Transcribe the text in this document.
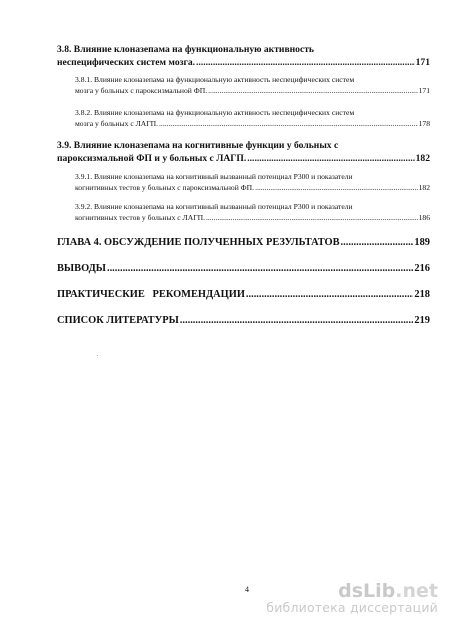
3.8. Влияние клоназепама на функциональную активность
неспецифических систем мозга. .....	171
3.8.1. Влияние клоназепама на функциональную активность неспецифических систем
мозга у больных с пароксизмальной ФП. .....	171
3.8.2. Влияние клоназепама на функциональную активность неспецифических систем
мозга у больных с ЛАГП. .....	178
3.9. Влияние клоназепама на когнитивные функции у больных с
пароксизмальной ФП и у больных с ЛАГП. .....	182
3.9.1. Влияние клоназепама на когнитивный вызванный потенциал Р300 и показатели
когнитивных тестов у больных с пароксизмальной ФП. .....	182
3.9.2. Влияние клоназепама на когнитивный вызванный потенциал Р300 и показатели
когнитивных тестов у больных с ЛАГП. .....	186
ГЛАВА 4. ОБСУЖДЕНИЕ ПОЛУЧЕННЫХ РЕЗУЛЬТАТОВ .....	189
ВЫВОДЫ .....	216
ПРАКТИЧЕСКИЕ   РЕКОМЕНДАЦИИ .....	218
СПИСОК ЛИТЕРАТУРЫ .....	219
4	dsLib.net
библиотека диссертаций
